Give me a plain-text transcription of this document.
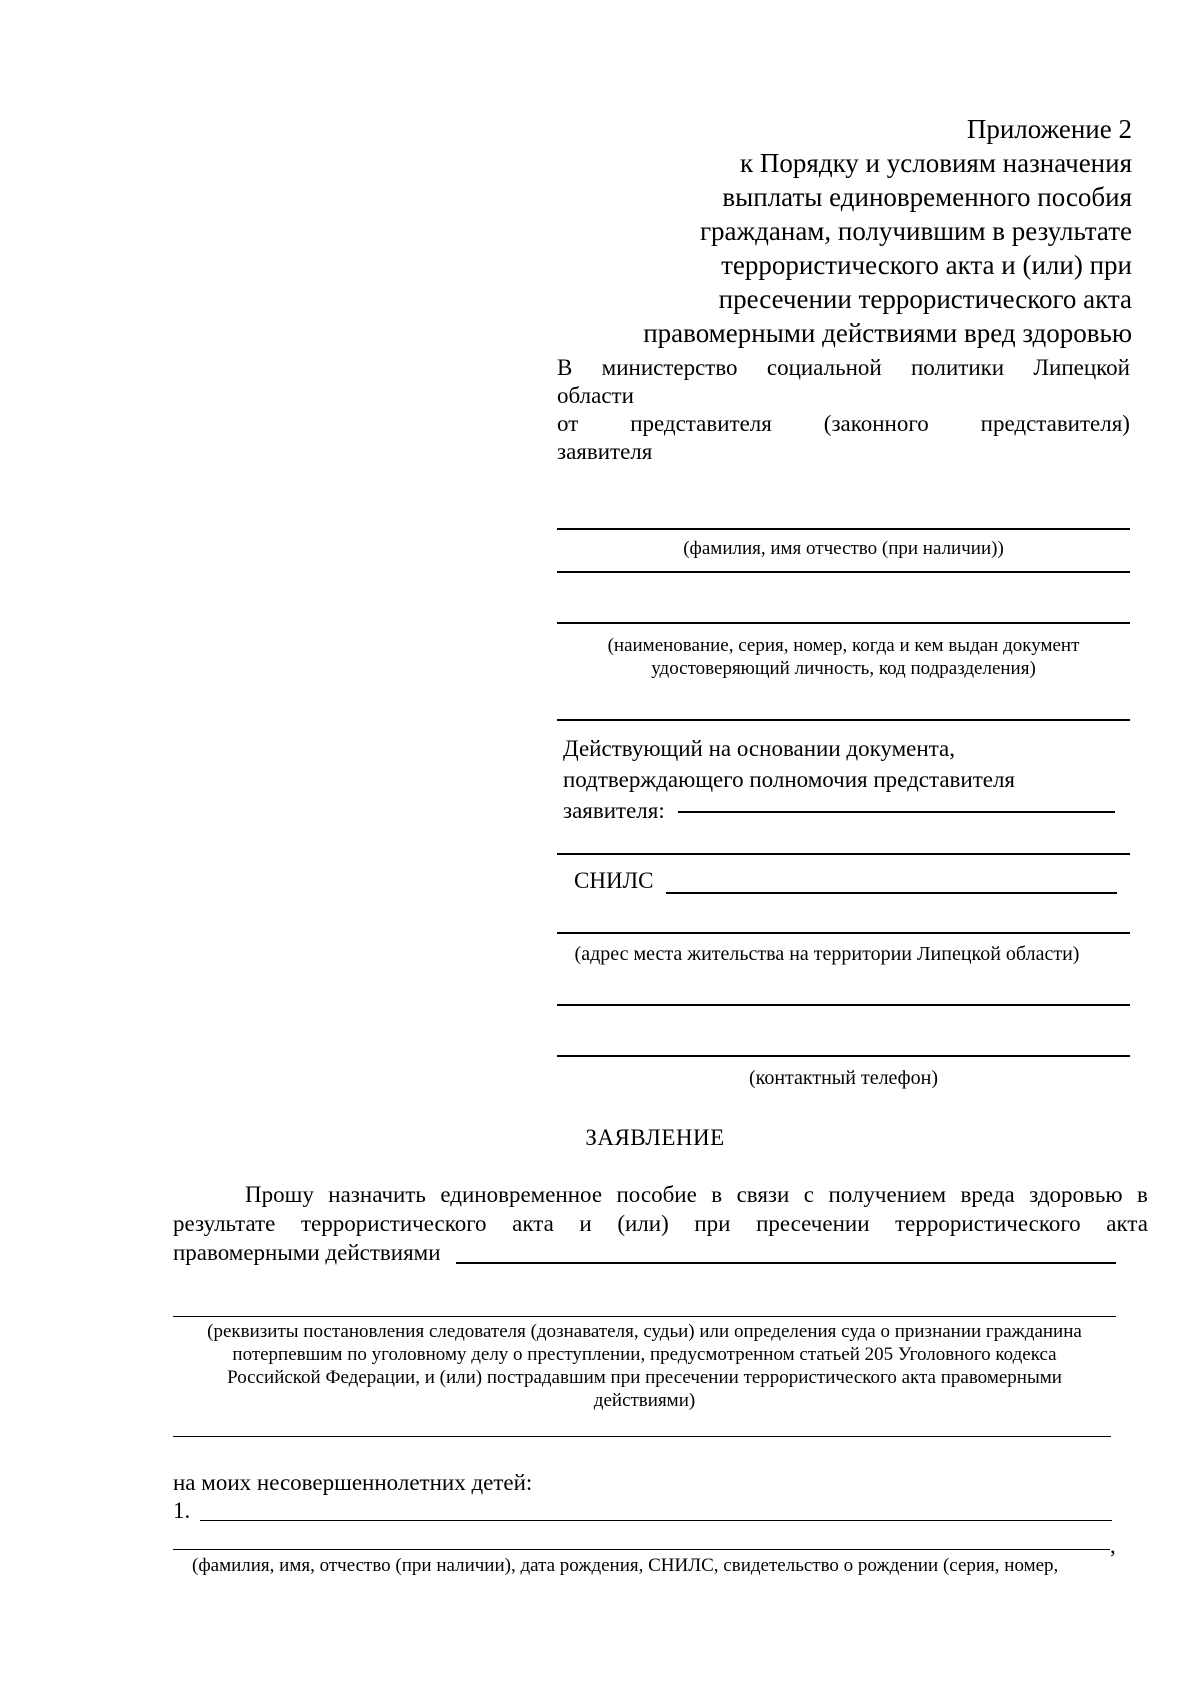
Приложение 2
к Порядку и условиям назначения
выплаты единовременного пособия
гражданам, получившим в результате
террористического акта и (или) при
пресечении террористического акта
правомерными действиями вред здоровью
В министерство социальной политики Липецкой
области
от представителя (законного представителя)
заявителя
(фамилия, имя отчество (при наличии))
(наименование, серия, номер, когда и кем выдан документ
удостоверяющий личность, код подразделения)
Действующий на основании документа,
подтверждающего полномочия представителя
заявителя:
СНИЛС
(адрес места жительства на территории Липецкой области)
(контактный телефон)
ЗАЯВЛЕНИЕ
Прошу назначить единовременное пособие в связи с получением вреда здоровью в
результате террористического акта и (или) при пресечении террористического акта
правомерными действиями
(реквизиты постановления следователя (дознавателя, судьи) или определения суда о признании гражданина
потерпевшим по уголовному делу о преступлении, предусмотренном статьей 205 Уголовного кодекса
Российской Федерации, и (или) пострадавшим при пресечении террористического акта правомерными
действиями)
на моих несовершеннолетних детей:
1.
,
(фамилия, имя, отчество (при наличии), дата рождения, СНИЛС, свидетельство о рождении (серия, номер,
